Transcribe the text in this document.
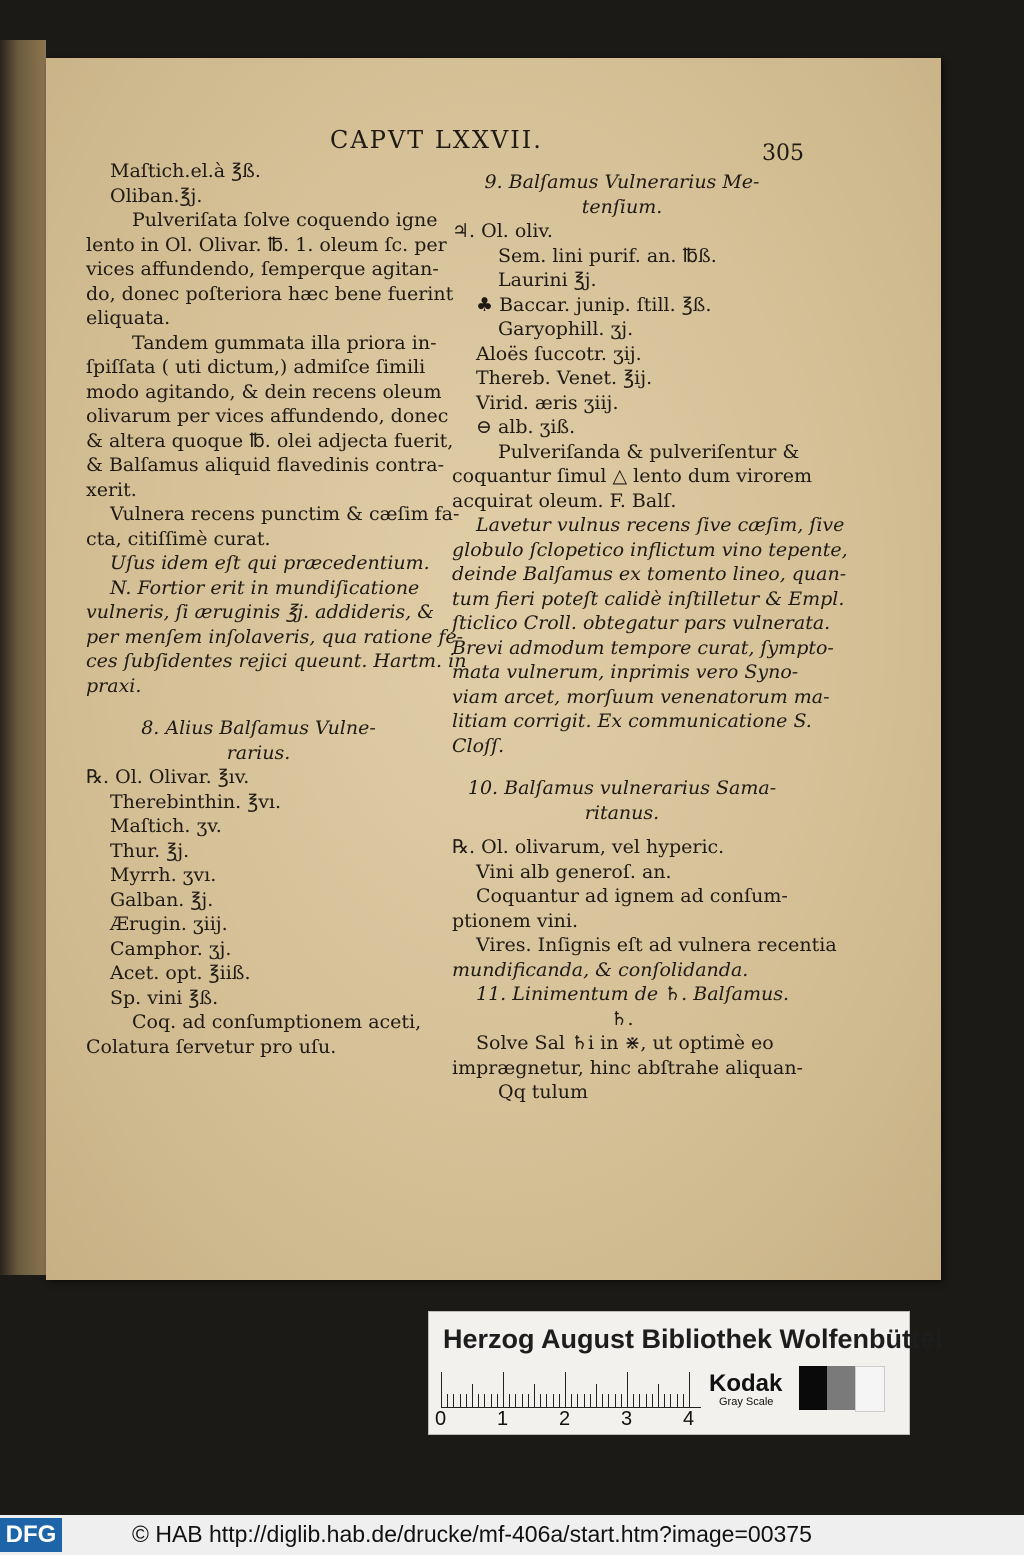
CAPVT LXXVII.	305
Maſtich.el.à ℥ß.
Oliban.℥j.
Pulveriſata ſolve coquendo igne
lento in Ol. Olivar. ℔. 1. oleum ſc. per
vices affundendo, ſemperque agitan-
do, donec poſteriora hæc bene fuerint
eliquata.
Tandem gummata illa priora in-
ſpiſſata ( uti dictum,) admiſce ſimili
modo agitando, & dein recens oleum
olivarum per vices affundendo, donec
& altera quoque ℔. olei adjecta fuerit,
& Balſamus aliquid flavedinis contra-
xerit.
Vulnera recens punctim & cæſim fa-
cta, citiſſimè curat.
Uſus idem eſt qui præcedentium.
N. Fortior erit in mundiſicatione
vulneris, ſi æruginis ℥j. addideris, &
per menſem inſolaveris, qua ratione fe-
ces ſubſidentes rejici queunt. Hartm. in
praxi.
8. Alius Balſamus Vulne-
rarius.
℞. Ol. Olivar. ℥ıv.
Therebinthin. ℥vı.
Maſtich. ʒv.
Thur. ℥j.
Myrrh. ʒvı.
Galban. ℥j.
Ærugin. ʒiij.
Camphor. ʒj.
Acet. opt. ℥iiß.
Sp. vini ℥ß.
Coq. ad conſumptionem aceti,
Colatura ſervetur pro uſu.
9. Balſamus Vulnerarius Me-
tenſium.
♃. Ol. oliv.
Sem. lini purif. an. ℔ß.
Laurini ℥j.
♣ Baccar. junip. ſtill. ℥ß.
Garyophill. ʒj.
Aloës ſuccotr. ʒij.
Thereb. Venet. ℥ij.
Virid. æris ʒiij.
⊖ alb. ʒiß.
Pulveriſanda & pulveriſentur &
coquantur ſimul △ lento dum virorem
acquirat oleum. F. Balſ.
Lavetur vulnus recens ſive cæſim, ſive
globulo ſclopetico inflictum vino tepente,
deinde Balſamus ex tomento lineo, quan-
tum fieri poteſt calidè inſtilletur & Empl.
ſticlico Croll. obtegatur pars vulnerata.
Brevi admodum tempore curat, ſympto-
mata vulnerum, inprimis vero Syno-
viam arcet, morſuum venenatorum ma-
litiam corrigit. Ex communicatione S.
Cloſſ.
10. Balſamus vulnerarius Sama-
ritanus.
℞. Ol. olivarum, vel hyperic.
Vini alb generoſ. an.
Coquantur ad ignem ad conſum-
ptionem vini.
Vires. Inſignis eſt ad vulnera recentia
mundificanda, & conſolidanda.
11. Linimentum de ♄. Balſamus.
♄.
Solve Sal ♄i in ⋇, ut optimè eo
imprægnetur, hinc abſtrahe aliquan-
Qq tulum
Herzog August Bibliothek Wolfenbüttel
0	1	2	3	4
Kodak
Gray Scale
DFG	© HAB http://diglib.hab.de/drucke/mf-406a/start.htm?image=00375
